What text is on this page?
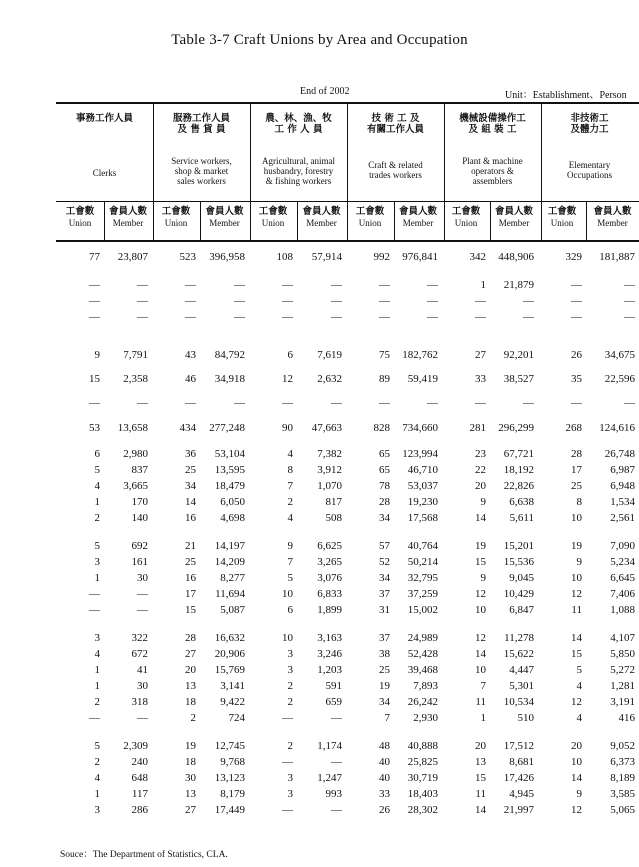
Table 3-7 Craft Unions by Area and Occupation
End of 2002	Unit：Establishment、Person
事務工作人員
Clerks
服務工作人員
及 售 貨 員
Service workers,
shop & market
sales workers
農、林、漁、牧
工 作 人 員
Agricultural, animal
husbandry, forestry
& fishing workers
技 術 工 及
有關工作人員
Craft & related
trades workers
機械設備操作工
及 組 裝 工
Plant & machine
operators &
assemblers
非技術工
及體力工
Elementary
Occupations
工會數
Union
會員人數
Member
工會數
Union
會員人數
Member
工會數
Union
會員人數
Member
工會數
Union
會員人數
Member
工會數
Union
會員人數
Member
工會數
Union
會員人數
Member
77	23,807	523	396,958	108	57,914	992	976,841	342	448,906	329	181,887
—	—	—	—	—	—	—	—	1	21,879	—	—
—	—	—	—	—	—	—	—	—	—	—	—
—	—	—	—	—	—	—	—	—	—	—	—
9	7,791	43	84,792	6	7,619	75	182,762	27	92,201	26	34,675
15	2,358	46	34,918	12	2,632	89	59,419	33	38,527	35	22,596
—	—	—	—	—	—	—	—	—	—	—	—
53	13,658	434	277,248	90	47,663	828	734,660	281	296,299	268	124,616
6	2,980	36	53,104	4	7,382	65	123,994	23	67,721	28	26,748
5	837	25	13,595	8	3,912	65	46,710	22	18,192	17	6,987
4	3,665	34	18,479	7	1,070	78	53,037	20	22,826	25	6,948
1	170	14	6,050	2	817	28	19,230	9	6,638	8	1,534
2	140	16	4,698	4	508	34	17,568	14	5,611	10	2,561
5	692	21	14,197	9	6,625	57	40,764	19	15,201	19	7,090
3	161	25	14,209	7	3,265	52	50,214	15	15,536	9	5,234
1	30	16	8,277	5	3,076	34	32,795	9	9,045	10	6,645
—	—	17	11,694	10	6,833	37	37,259	12	10,429	12	7,406
—	—	15	5,087	6	1,899	31	15,002	10	6,847	11	1,088
3	322	28	16,632	10	3,163	37	24,989	12	11,278	14	4,107
4	672	27	20,906	3	3,246	38	52,428	14	15,622	15	5,850
1	41	20	15,769	3	1,203	25	39,468	10	4,447	5	5,272
1	30	13	3,141	2	591	19	7,893	7	5,301	4	1,281
2	318	18	9,422	2	659	34	26,242	11	10,534	12	3,191
—	—	2	724	—	—	7	2,930	1	510	4	416
5	2,309	19	12,745	2	1,174	48	40,888	20	17,512	20	9,052
2	240	18	9,768	—	—	40	25,825	13	8,681	10	6,373
4	648	30	13,123	3	1,247	40	30,719	15	17,426	14	8,189
1	117	13	8,179	3	993	33	18,403	11	4,945	9	3,585
3	286	27	17,449	—	—	26	28,302	14	21,997	12	5,065
Souce：The Department of Statistics, CLA.
